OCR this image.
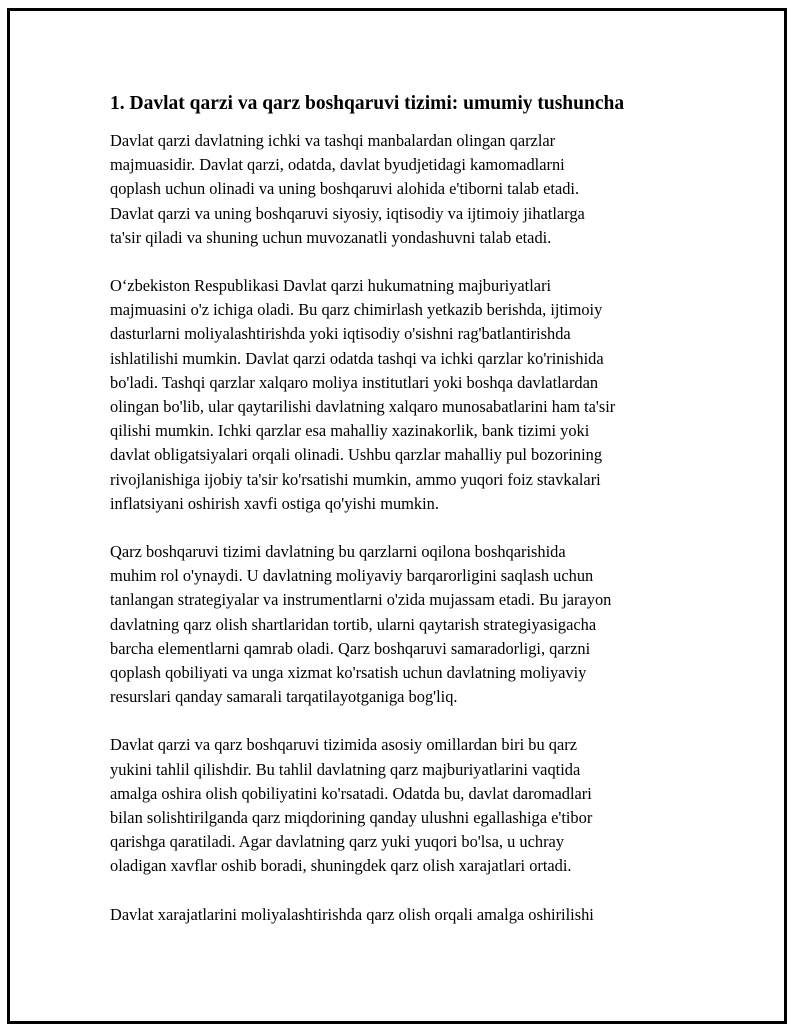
1. Davlat qarzi va qarz boshqaruvi tizimi: umumiy tushuncha

Davlat qarzi davlatning ichki va tashqi manbalardan olingan qarzlar
majmuasidir. Davlat qarzi, odatda, davlat byudjetidagi kamomadlarni
qoplash uchun olinadi va uning boshqaruvi alohida e'tiborni talab etadi.
Davlat qarzi va uning boshqaruvi siyosiy, iqtisodiy va ijtimoiy jihatlarga
ta'sir qiladi va shuning uchun muvozanatli yondashuvni talab etadi.

O‘zbekiston Respublikasi Davlat qarzi hukumatning majburiyatlari
majmuasini o'z ichiga oladi. Bu qarz chimirlash yetkazib berishda, ijtimoiy
dasturlarni moliyalashtirishda yoki iqtisodiy o'sishni rag'batlantirishda
ishlatilishi mumkin. Davlat qarzi odatda tashqi va ichki qarzlar ko'rinishida
bo'ladi. Tashqi qarzlar xalqaro moliya institutlari yoki boshqa davlatlardan
olingan bo'lib, ular qaytarilishi davlatning xalqaro munosabatlarini ham ta'sir
qilishi mumkin. Ichki qarzlar esa mahalliy xazinakorlik, bank tizimi yoki
davlat obligatsiyalari orqali olinadi. Ushbu qarzlar mahalliy pul bozorining
rivojlanishiga ijobiy ta'sir ko'rsatishi mumkin, ammo yuqori foiz stavkalari
inflatsiyani oshirish xavfi ostiga qo'yishi mumkin.

Qarz boshqaruvi tizimi davlatning bu qarzlarni oqilona boshqarishida
muhim rol o'ynaydi. U davlatning moliyaviy barqarorligini saqlash uchun
tanlangan strategiyalar va instrumentlarni o'zida mujassam etadi. Bu jarayon
davlatning qarz olish shartlaridan tortib, ularni qaytarish strategiyasigacha
barcha elementlarni qamrab oladi. Qarz boshqaruvi samaradorligi, qarzni
qoplash qobiliyati va unga xizmat ko'rsatish uchun davlatning moliyaviy
resurslari qanday samarali tarqatilayotganiga bog'liq.

Davlat qarzi va qarz boshqaruvi tizimida asosiy omillardan biri bu qarz
yukini tahlil qilishdir. Bu tahlil davlatning qarz majburiyatlarini vaqtida
amalga oshira olish qobiliyatini ko'rsatadi. Odatda bu, davlat daromadlari
bilan solishtirilganda qarz miqdorining qanday ulushni egallashiga e'tibor
qarishga qaratiladi. Agar davlatning qarz yuki yuqori bo'lsa, u uchray
oladigan xavflar oshib boradi, shuningdek qarz olish xarajatlari ortadi.

Davlat xarajatlarini moliyalashtirishda qarz olish orqali amalga oshirilishi
